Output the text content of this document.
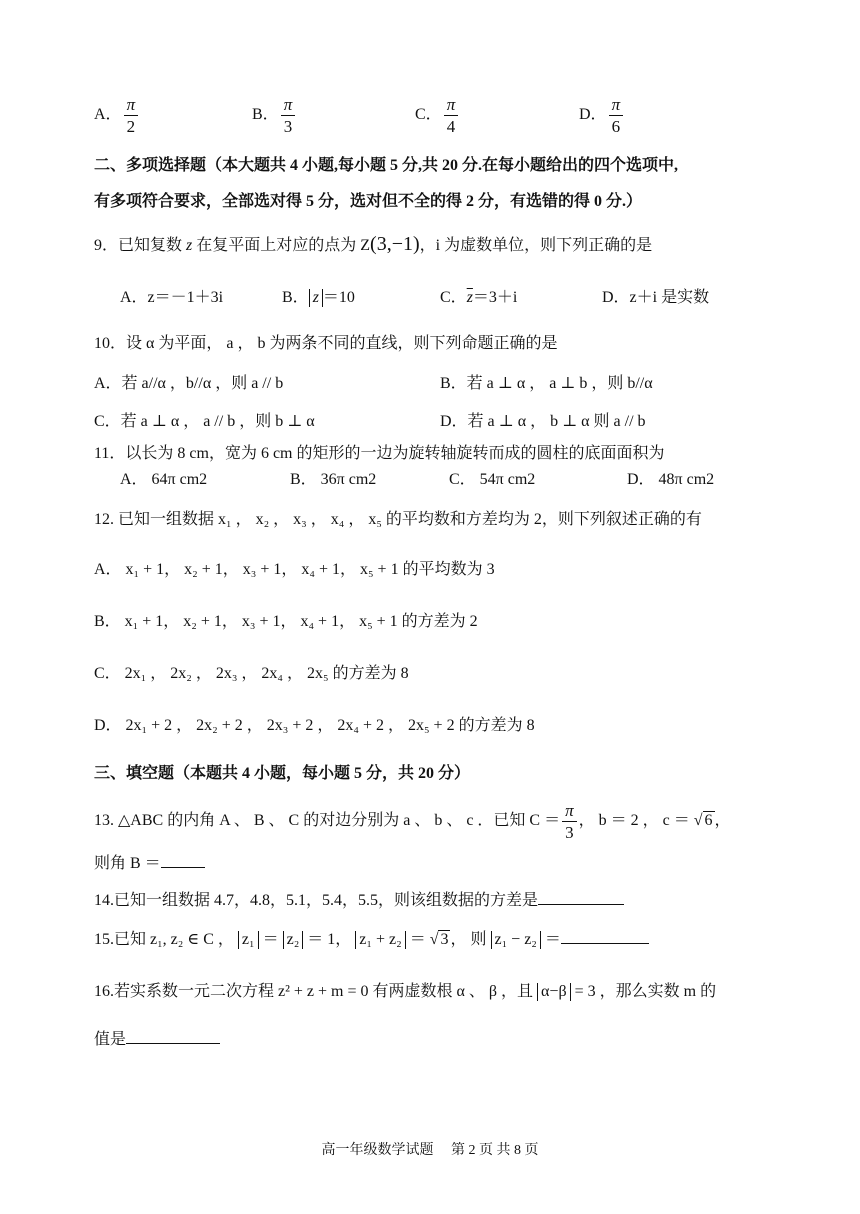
A． $\frac{\pi}{2}$	B． $\frac{\pi}{3}$	C． $\frac{\pi}{4}$	D． $\frac{\pi}{6}$
二、多项选择题（本大题共 4 小题,每小题 5 分,共 20 分.在每小题给出的四个选项中,
有多项符合要求，全部选对得 5 分，选对但不全的得 2 分，有选错的得 0 分.）
9．已知复数 z 在复平面上对应的点为 Z(3,−1)，i 为虚数单位，则下列正确的是
A．z＝－1＋3i	B． z ＝10	C．$\overline{z}=3+i$	D．z＋i 是实数
10．设 α 为平面， a ， b 为两条不同的直线，则下列命题正确的是
A．若 a//α ，b//α ，则 a // b	B．若 a ⊥ α ， a ⊥ b ，则 b//α
C．若 a ⊥ α ， a // b ，则 b ⊥ α	D．若 a ⊥ α ， b ⊥ α 则 a // b
11．以长为 8 cm，宽为 6 cm 的矩形的一边为旋转轴旋转而成的圆柱的底面面积为
A． 64π cm2	B． 36π cm2	C． 54π cm2	D． 48π cm2
12. 已知一组数据 x₁ ， x₂ ， x₃ ， x₄ ， x₅ 的平均数和方差均为 2，则下列叙述正确的有
A． x₁ + 1， x₂ + 1， x₃ + 1， x₄ + 1， x₅ + 1 的平均数为 3
B． x₁ + 1， x₂ + 1， x₃ + 1， x₄ + 1， x₅ + 1 的方差为 2
C． 2x₁ ， 2x₂ ， 2x₃ ， 2x₄ ， 2x₅ 的方差为 8
D． 2x₁ + 2 ， 2x₂ + 2 ， 2x₃ + 2 ， 2x₄ + 2 ， 2x₅ + 2 的方差为 8
三、填空题（本题共 4 小题，每小题 5 分，共 20 分）
13. △ABC 的内角 A 、 B 、 C 的对边分别为 a 、 b 、 c ．已知 $C = \frac{\pi}{3}$ ， b ＝ 2 ， c ＝ √ 6 ，
则角 B ＝
14.已知一组数据 4.7，4.8，5.1，5.4，5.5，则该组数据的方差是
15.已知 z₁, z₂ ∈ C ， z₁ ＝ z₂ ＝ 1， z₁ + z₂ ＝ √ 3 ， 则 z₁ − z₂ ＝
16.若实系数一元二次方程 z² + z + m = 0 有两虚数根 α 、 β ，且 α−β = 3 ，那么实数 m 的
值是
高一年级数学试题　 第 2 页 共 8 页
